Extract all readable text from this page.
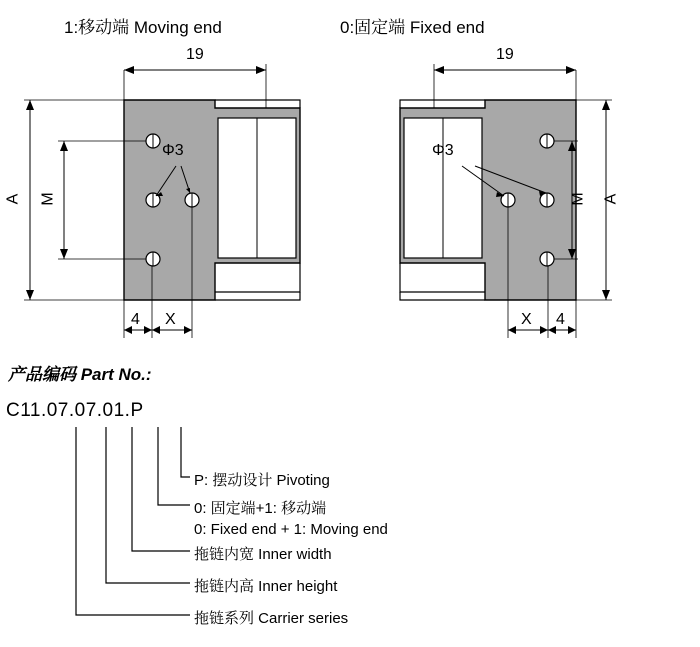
1:移动端 Moving end	0:固定端 Fixed end
19	19
A M	A
M
Φ3	Φ3
4 X	X 4
产品编码 Part No.:
C11.07.07.01.P
P: 摆动设计 Pivoting
0: 固定端+1: 移动端
0: Fixed end + 1: Moving end
拖链内宽 Inner width
拖链内高 Inner height
拖链系列 Carrier series
